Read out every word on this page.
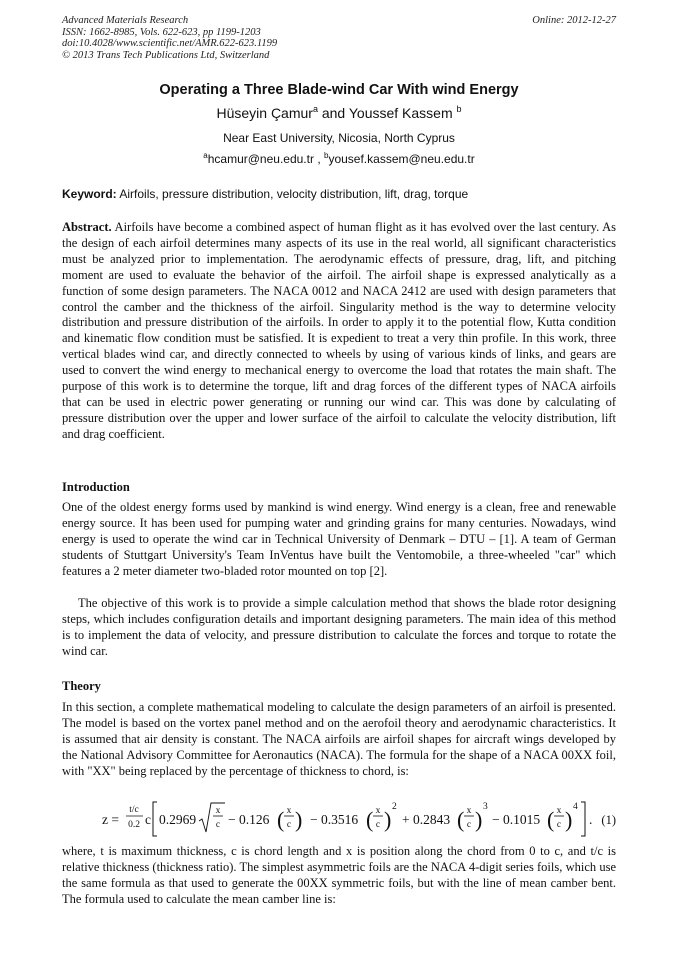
Advanced Materials Research
ISSN: 1662-8985, Vols. 622-623, pp 1199-1203
doi:10.4028/www.scientific.net/AMR.622-623.1199
© 2013 Trans Tech Publications Ltd, Switzerland
Online: 2012-12-27
Operating a Three Blade-wind Car With wind Energy
Hüseyin Çamur$^a$ and Youssef Kassem $^b$
Near East University, Nicosia, North Cyprus
$^a$hcamur@neu.edu.tr , $^b$yousef.kassem@neu.edu.tr
Keyword: Airfoils, pressure distribution, velocity distribution, lift, drag, torque
Abstract. Airfoils have become a combined aspect of human flight as it has evolved over the last century. As the design of each airfoil determines many aspects of its use in the real world, all significant characteristics must be analyzed prior to implementation. The aerodynamic effects of pressure, drag, lift, and pitching moment are used to evaluate the behavior of the airfoil. The airfoil shape is expressed analytically as a function of some design parameters. The NACA 0012 and NACA 2412 are used with design parameters that control the camber and the thickness of the airfoil. Singularity method is the way to determine velocity distribution and pressure distribution of the airfoils. In order to apply it to the potential flow, Kutta condition and kinematic flow condition must be satisfied. It is expedient to treat a very thin profile. In this work, three vertical blades wind car, and directly connected to wheels by using of various kinds of links, and gears are used to convert the wind energy to mechanical energy to overcome the load that rotates the main shaft. The purpose of this work is to determine the torque, lift and drag forces of the different types of NACA airfoils that can be used in electric power generating or running our wind car. This was done by calculating of pressure distribution over the upper and lower surface of the airfoil to calculate the velocity distribution, lift and drag coefficient.
Introduction
One of the oldest energy forms used by mankind is wind energy. Wind energy is a clean, free and renewable energy source. It has been used for pumping water and grinding grains for many centuries. Nowadays, wind energy is used to operate the wind car in Technical University of Denmark – DTU – [1]. A team of German students of Stuttgart University's Team InVentus have built the Ventomobile, a three-wheeled "car" which features a 2 meter diameter two-bladed rotor mounted on top [2].
The objective of this work is to provide a simple calculation method that shows the blade rotor designing steps, which includes configuration details and important designing parameters. The main idea of this method is to implement the data of velocity, and pressure distribution to calculate the forces and torque to rotate the wind car.
Theory
In this section, a complete mathematical modeling to calculate the design parameters of an airfoil is presented. The model is based on the vortex panel method and on the aerofoil theory and aerodynamic characteristics. It is assumed that air density is constant. The NACA airfoils are airfoil shapes for aircraft wings developed by the National Advisory Committee for Aeronautics (NACA). The formula for the shape of a NACA 00XX foil, with "XX" being replaced by the percentage of thickness to chord, is:
z =
t/c
0.2 c 0.2969
x
c − 0.126 ( x
c ) − 0.3516 ( x
c ) 2
+ 0.2843 ( x
c ) 3
− 0.1015 ( x
c ) 4
. (1)
where, t is maximum thickness, c is chord length and x is position along the chord from 0 to c, and t/c is relative thickness (thickness ratio). The simplest asymmetric foils are the NACA 4-digit series foils, which use the same formula as that used to generate the 00XX symmetric foils, but with the line of mean camber bent. The formula used to calculate the mean camber line is:
